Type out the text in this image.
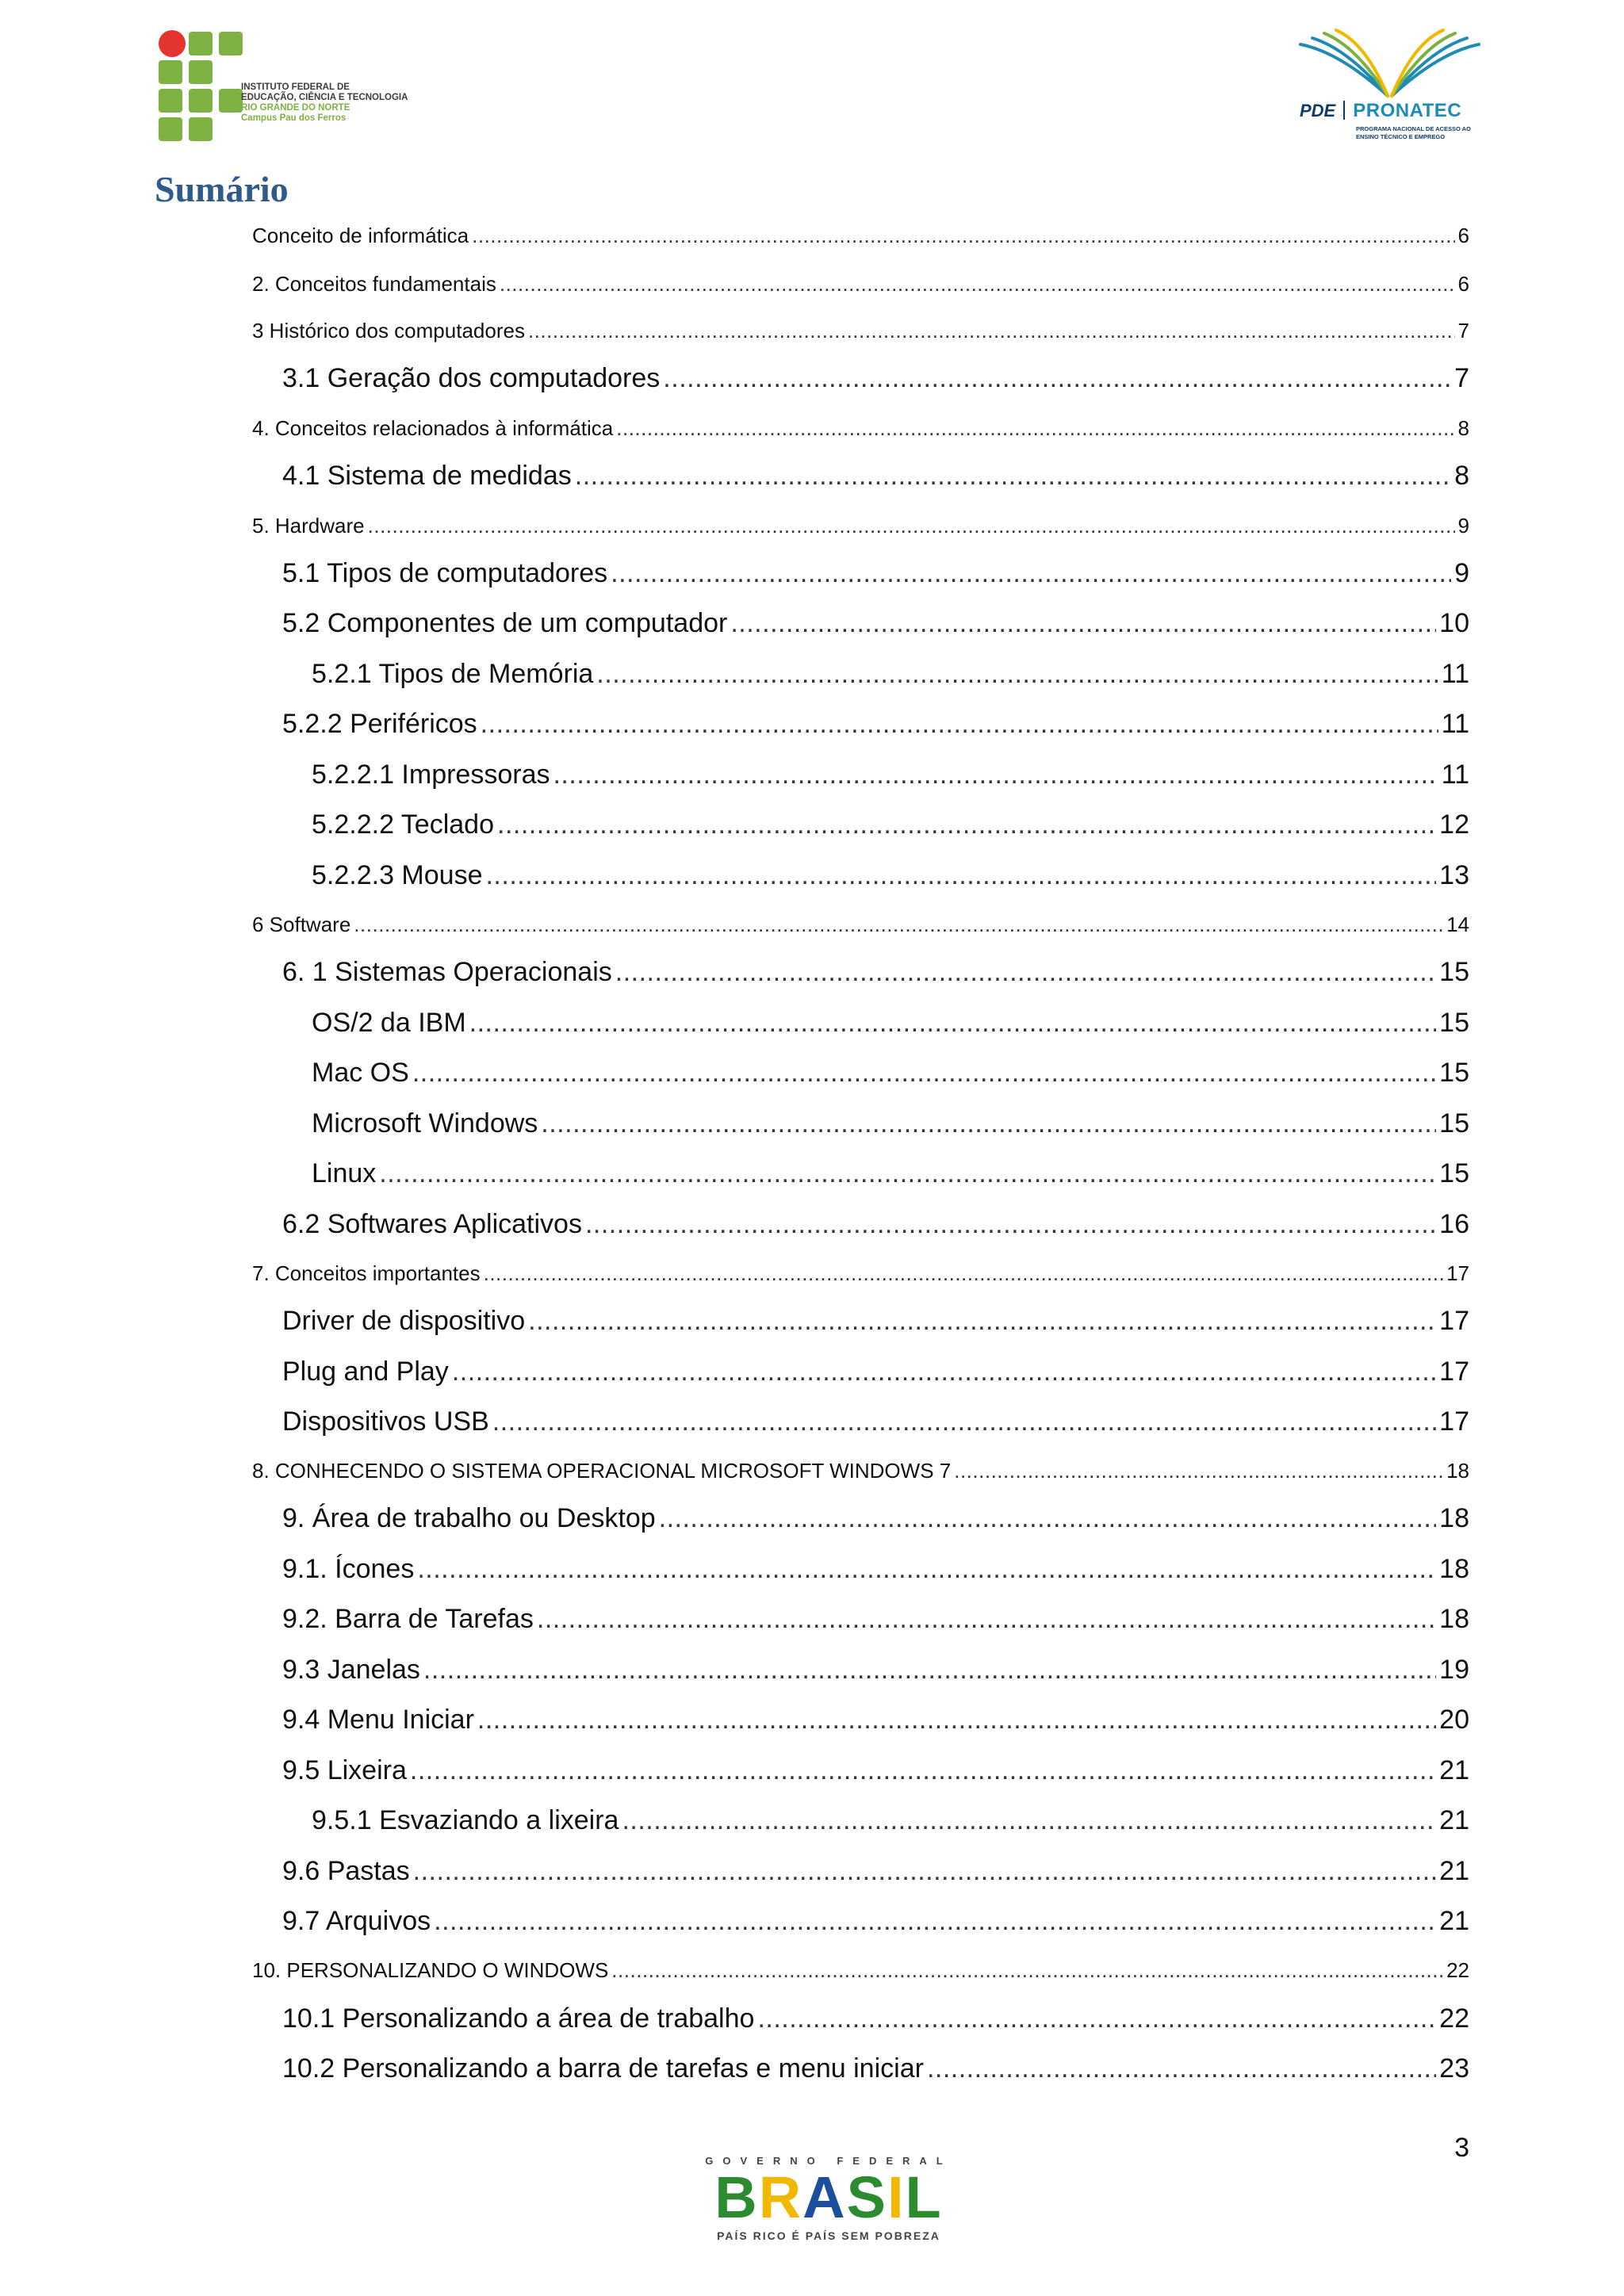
INSTITUTO FEDERAL DE
EDUCAÇÃO, CIÊNCIA E TECNOLOGIA
RIO GRANDE DO NORTE
Campus Pau dos Ferros	PDE PRONATEC
PROGRAMA NACIONAL DE ACESSO AO
ENSINO TÉCNICO E EMPREGO
Sumário
Conceito de informática .....	6
2. Conceitos fundamentais .....	6
3 Histórico dos computadores .....	7
3.1 Geração dos computadores .....	7
4. Conceitos relacionados à informática .....	8
4.1 Sistema de medidas .....	8
5. Hardware .....	9
5.1 Tipos de computadores .....	9
5.2 Componentes de um computador .....	10
5.2.1 Tipos de Memória .....	11
5.2.2 Periféricos .....	11
5.2.2.1 Impressoras .....	11
5.2.2.2 Teclado .....	12
5.2.2.3 Mouse .....	13
6 Software .....	14
6. 1 Sistemas Operacionais .....	15
OS/2 da IBM .....	15
Mac OS .....	15
Microsoft Windows .....	15
Linux .....	15
6.2 Softwares Aplicativos .....	16
7. Conceitos importantes .....	17
Driver de dispositivo .....	17
Plug and Play .....	17
Dispositivos USB .....	17
8. CONHECENDO O SISTEMA OPERACIONAL MICROSOFT WINDOWS 7 .....	18
9. Área de trabalho ou Desktop .....	18
9.1. Ícones .....	18
9.2. Barra de Tarefas .....	18
9.3 Janelas .....	19
9.4 Menu Iniciar .....	20
9.5 Lixeira .....	21
9.5.1 Esvaziando a lixeira .....	21
9.6 Pastas .....	21
9.7 Arquivos .....	21
10. PERSONALIZANDO O WINDOWS .....	22
10.1 Personalizando a área de trabalho .....	22
10.2 Personalizando a barra de tarefas e menu iniciar .....	23
3
GOVERNO FEDERAL
BRASIL
PAÍS RICO É PAÍS SEM POBREZA
